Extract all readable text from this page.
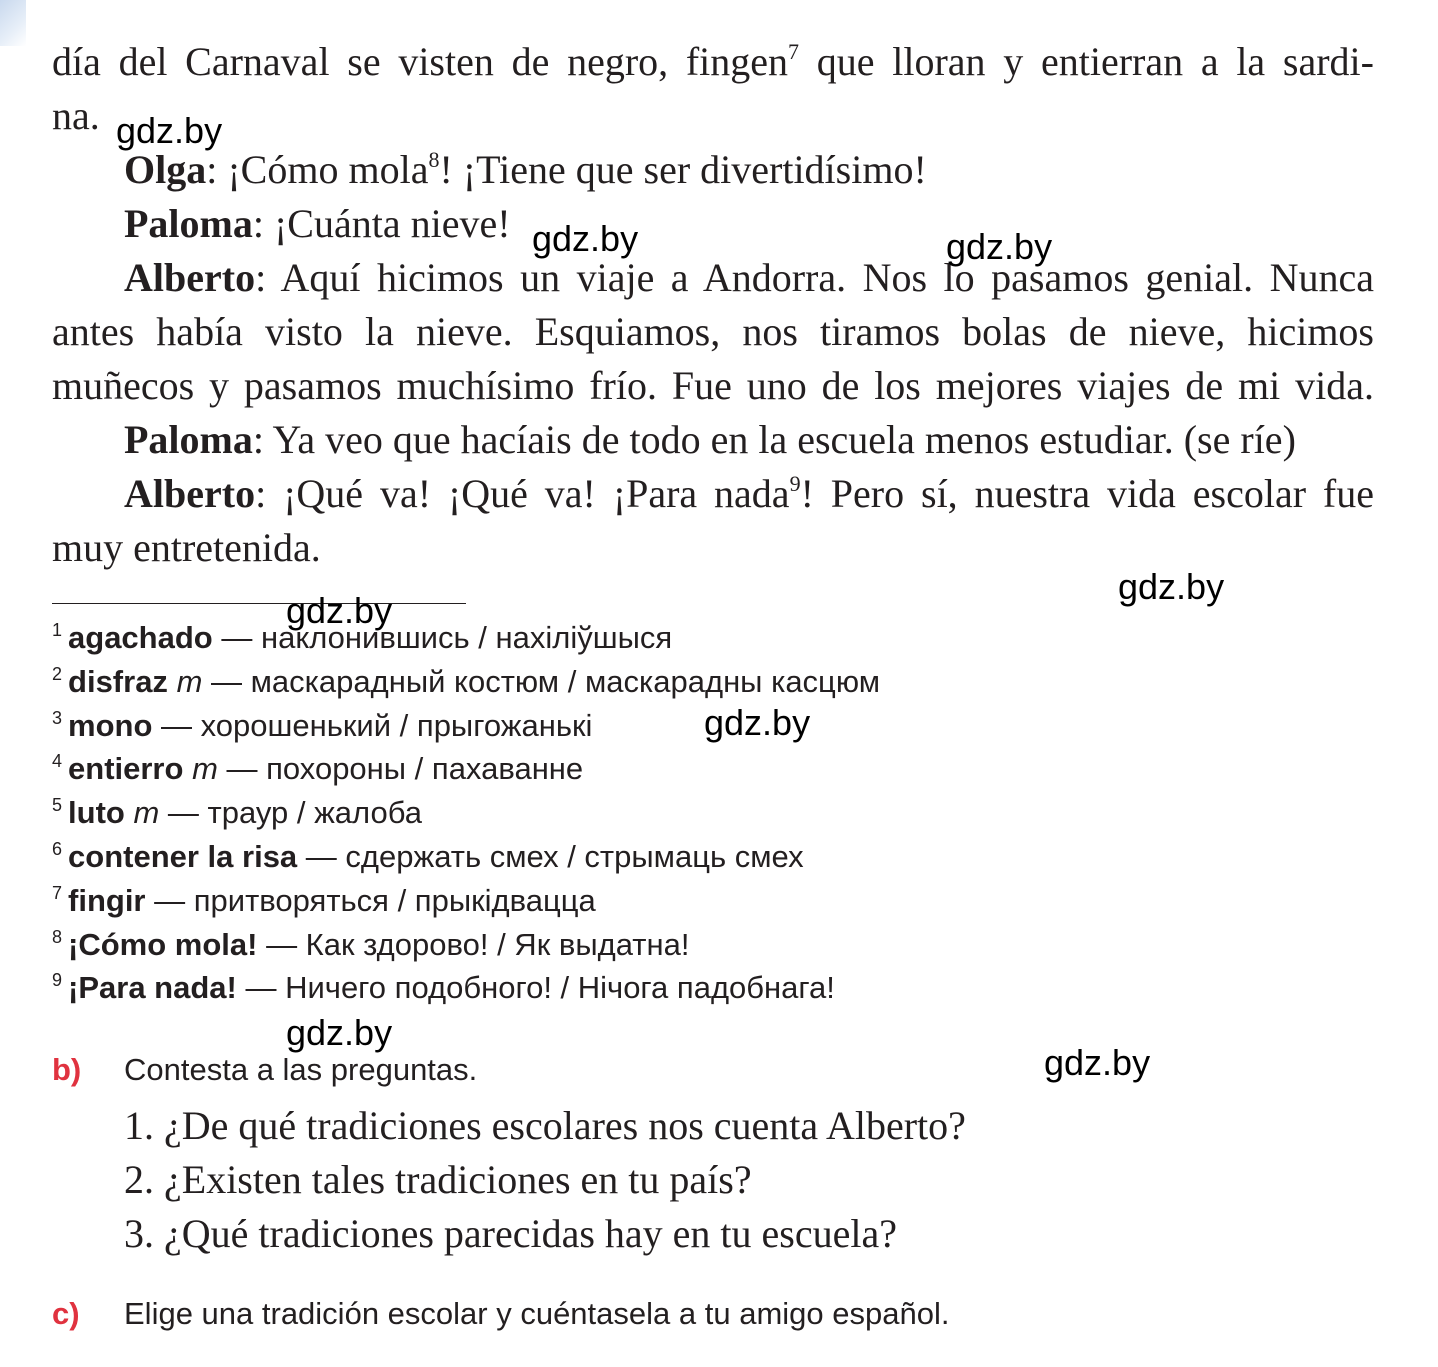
día del Carnaval se visten de negro, fingen$^7$ que lloran y entierran a la sardi-
na.
Olga: ¡Cómo mola$^8$! ¡Tiene que ser divertidísimo!
Paloma: ¡Cuánta nieve!
Alberto: Aquí hicimos un viaje a Andorra. Nos lo pasamos genial. Nunca
antes había visto la nieve. Esquiamos, nos tiramos bolas de nieve, hicimos
muñecos y pasamos muchísimo frío. Fue uno de los mejores viajes de mi vida.
Paloma: Ya veo que hacíais de todo en la escuela menos estudiar. (se ríe)
Alberto: ¡Qué va! ¡Qué va! ¡Para nada$^9$! Pero sí, nuestra vida escolar fue
muy entretenida.
$^1$ agachado — наклонившись / нахіліўшыся
$^2$ disfraz m — маскарадный костюм / маскарадны касцюм
$^3$ mono — хорошенький / прыгожанькі
$^4$ entierro m — похороны / пахаванне
$^5$ luto m — траур / жалоба
$^6$ contener la risa — сдержать смех / стрымаць смех
$^7$ fingir — притворяться / прыкідвацца
$^8$ ¡Cómo mola! — Как здорово! / Як выдатна!
$^9$ ¡Para nada! — Ничего подобного! / Нічога падобнага!
b) Contesta a las preguntas.
1. ¿De qué tradiciones escolares nos cuenta Alberto?
2. ¿Existen tales tradiciones en tu país?
3. ¿Qué tradiciones parecidas hay en tu escuela?
c) Elige una tradición escolar y cuéntasela a tu amigo español.
gdz.by
gdz.by	gdz.by
gdz.by
gdz.by
gdz.by
gdz.by
gdz.by
